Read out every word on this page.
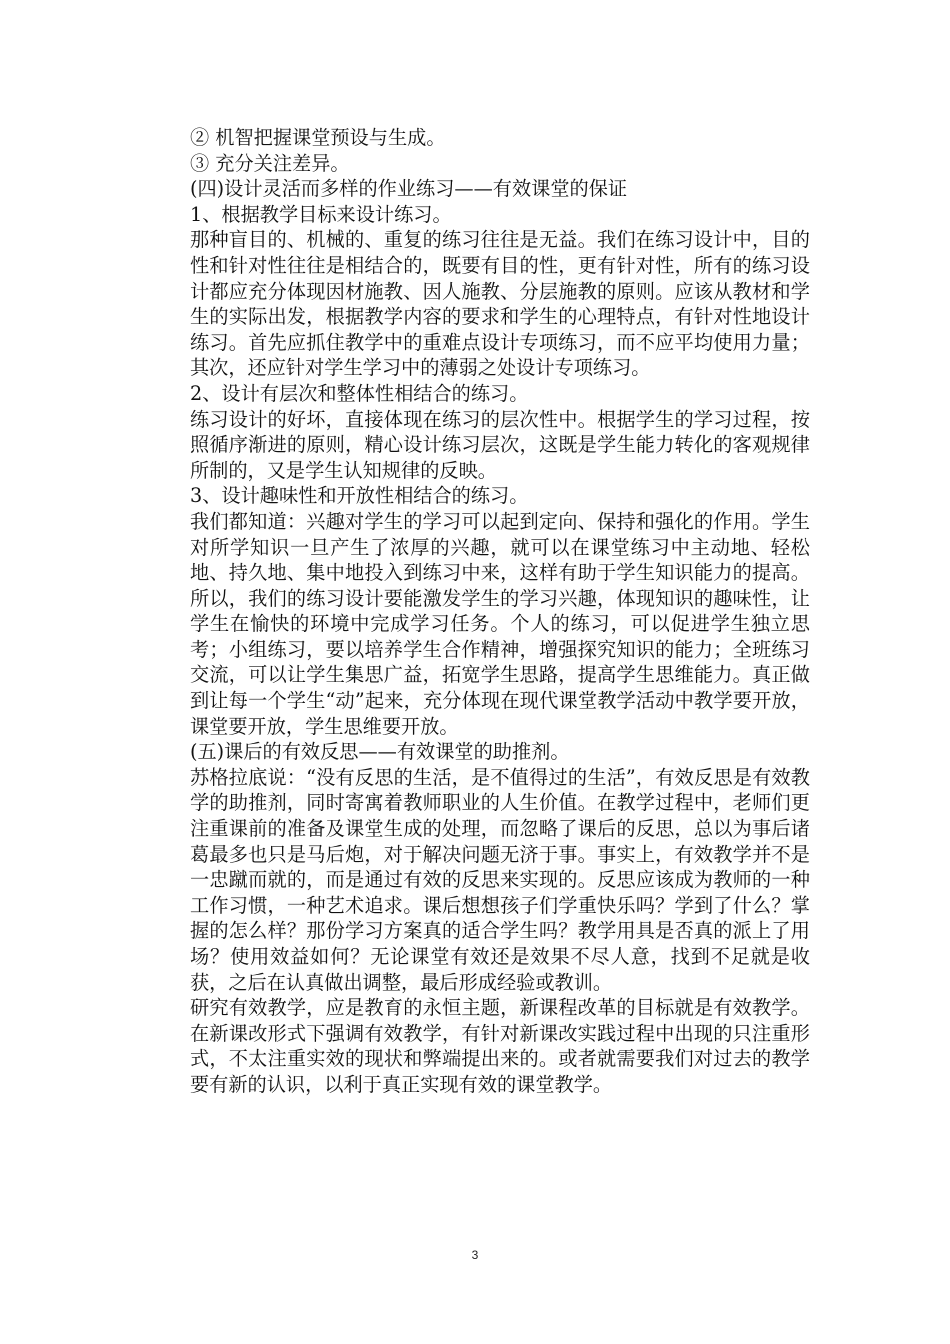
② 机智把握课堂预设与生成。

③ 充分关注差异。

(四)设计灵活而多样的作业练习——有效课堂的保证

1、根据教学目标来设计练习。

那种盲目的、机械的、重复的练习往往是无益。我们在练习设计中，目的性和针对性往往是相结合的，既要有目的性，更有针对性，所有的练习设计都应充分体现因材施教、因人施教、分层施教的原则。应该从教材和学生的实际出发，根据教学内容的要求和学生的心理特点，有针对性地设计练习。首先应抓住教学中的重难点设计专项练习，而不应平均使用力量；其次，还应针对学生学习中的薄弱之处设计专项练习。

2、设计有层次和整体性相结合的练习。

练习设计的好坏，直接体现在练习的层次性中。根据学生的学习过程，按照循序渐进的原则，精心设计练习层次，这既是学生能力转化的客观规律所制的，又是学生认知规律的反映。

3、设计趣味性和开放性相结合的练习。

我们都知道：兴趣对学生的学习可以起到定向、保持和强化的作用。学生对所学知识一旦产生了浓厚的兴趣，就可以在课堂练习中主动地、轻松地、持久地、集中地投入到练习中来，这样有助于学生知识能力的提高。所以，我们的练习设计要能激发学生的学习兴趣，体现知识的趣味性，让学生在愉快的环境中完成学习任务。个人的练习，可以促进学生独立思考；小组练习，要以培养学生合作精神，增强探究知识的能力；全班练习交流，可以让学生集思广益，拓宽学生思路，提高学生思维能力。真正做到让每一个学生“动”起来，充分体现在现代课堂教学活动中教学要开放，课堂要开放，学生思维要开放。

(五)课后的有效反思——有效课堂的助推剂。

苏格拉底说：“没有反思的生活，是不值得过的生活”，有效反思是有效教学的助推剂，同时寄寓着教师职业的人生价值。在教学过程中，老师们更注重课前的准备及课堂生成的处理，而忽略了课后的反思，总以为事后诸葛最多也只是马后炮，对于解决问题无济于事。事实上，有效教学并不是一忠蹴而就的，而是通过有效的反思来实现的。反思应该成为教师的一种工作习惯，一种艺术追求。课后想想孩子们学重快乐吗？学到了什么？掌握的怎么样？那份学习方案真的适合学生吗？教学用具是否真的派上了用场？使用效益如何？无论课堂有效还是效果不尽人意，找到不足就是收获，之后在认真做出调整，最后形成经验或教训。

研究有效教学，应是教育的永恒主题，新课程改革的目标就是有效教学。在新课改形式下强调有效教学，有针对新课改实践过程中出现的只注重形式，不太注重实效的现状和弊端提出来的。或者就需要我们对过去的教学要有新的认识，以利于真正实现有效的课堂教学。

3
